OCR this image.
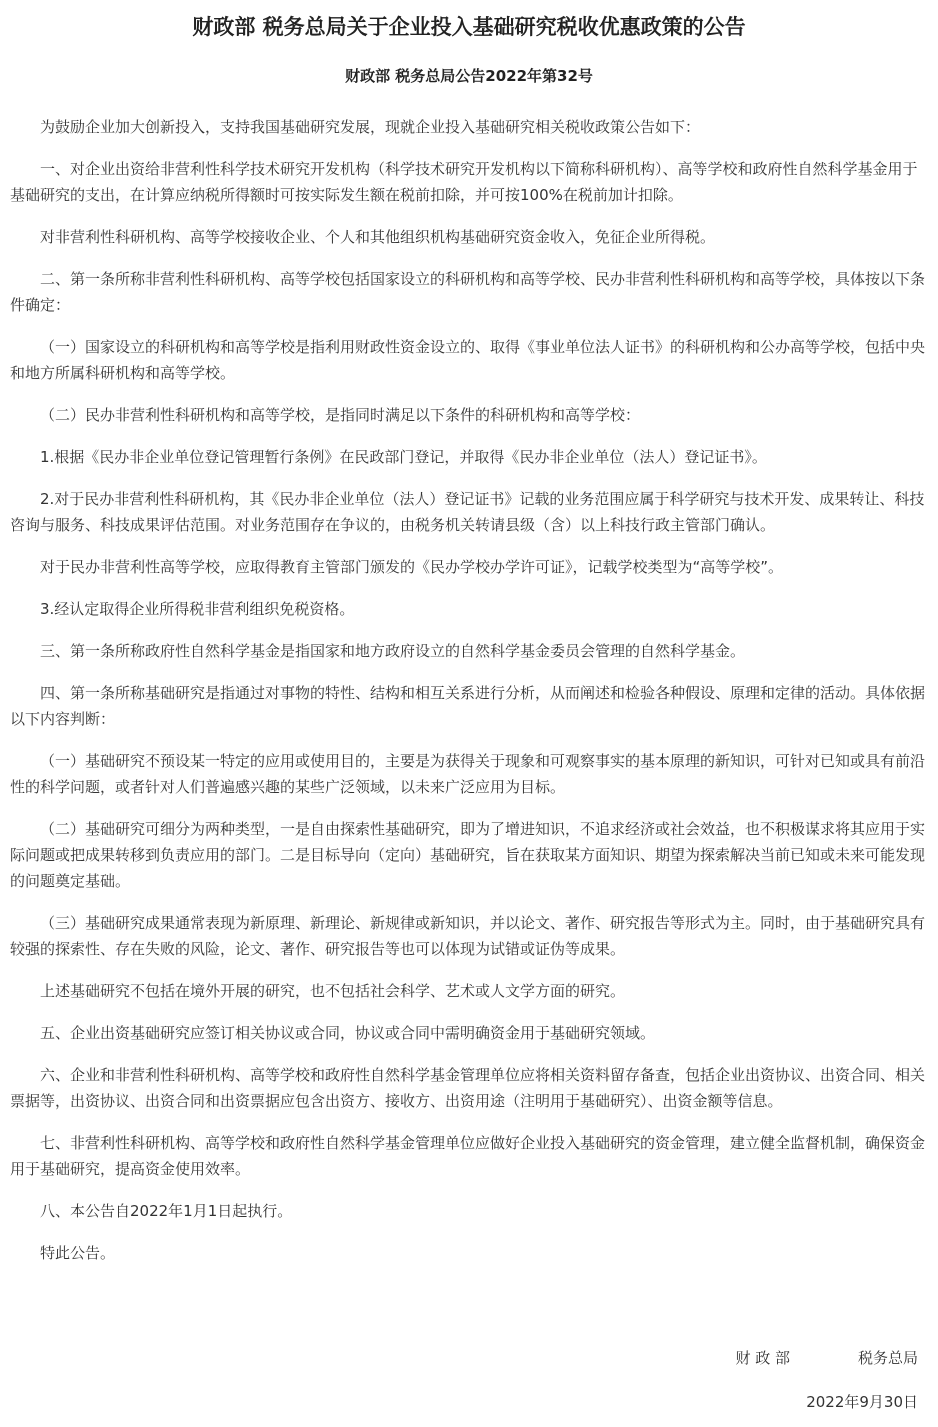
财政部 税务总局关于企业投入基础研究税收优惠政策的公告
财政部 税务总局公告2022年第32号

为鼓励企业加大创新投入，支持我国基础研究发展，现就企业投入基础研究相关税收政策公告如下：

一、对企业出资给非营利性科学技术研究开发机构（科学技术研究开发机构以下简称科研机构）、高等学校和政府性自然科学基金用于基础研究的支出，在计算应纳税所得额时可按实际发生额在税前扣除，并可按100%在税前加计扣除。

对非营利性科研机构、高等学校接收企业、个人和其他组织机构基础研究资金收入，免征企业所得税。

二、第一条所称非营利性科研机构、高等学校包括国家设立的科研机构和高等学校、民办非营利性科研机构和高等学校，具体按以下条件确定：

（一）国家设立的科研机构和高等学校是指利用财政性资金设立的、取得《事业单位法人证书》的科研机构和公办高等学校，包括中央和地方所属科研机构和高等学校。

（二）民办非营利性科研机构和高等学校，是指同时满足以下条件的科研机构和高等学校：

1.根据《民办非企业单位登记管理暂行条例》在民政部门登记，并取得《民办非企业单位（法人）登记证书》。

2.对于民办非营利性科研机构，其《民办非企业单位（法人）登记证书》记载的业务范围应属于科学研究与技术开发、成果转让、科技咨询与服务、科技成果评估范围。对业务范围存在争议的，由税务机关转请县级（含）以上科技行政主管部门确认。

对于民办非营利性高等学校，应取得教育主管部门颁发的《民办学校办学许可证》，记载学校类型为“高等学校”。

3.经认定取得企业所得税非营利组织免税资格。

三、第一条所称政府性自然科学基金是指国家和地方政府设立的自然科学基金委员会管理的自然科学基金。

四、第一条所称基础研究是指通过对事物的特性、结构和相互关系进行分析，从而阐述和检验各种假设、原理和定律的活动。具体依据以下内容判断：

（一）基础研究不预设某一特定的应用或使用目的，主要是为获得关于现象和可观察事实的基本原理的新知识，可针对已知或具有前沿性的科学问题，或者针对人们普遍感兴趣的某些广泛领域，以未来广泛应用为目标。

（二）基础研究可细分为两种类型，一是自由探索性基础研究，即为了增进知识，不追求经济或社会效益，也不积极谋求将其应用于实际问题或把成果转移到负责应用的部门。二是目标导向（定向）基础研究，旨在获取某方面知识、期望为探索解决当前已知或未来可能发现的问题奠定基础。

（三）基础研究成果通常表现为新原理、新理论、新规律或新知识，并以论文、著作、研究报告等形式为主。同时，由于基础研究具有较强的探索性、存在失败的风险，论文、著作、研究报告等也可以体现为试错或证伪等成果。

上述基础研究不包括在境外开展的研究，也不包括社会科学、艺术或人文学方面的研究。

五、企业出资基础研究应签订相关协议或合同，协议或合同中需明确资金用于基础研究领域。

六、企业和非营利性科研机构、高等学校和政府性自然科学基金管理单位应将相关资料留存备查，包括企业出资协议、出资合同、相关票据等，出资协议、出资合同和出资票据应包含出资方、接收方、出资用途（注明用于基础研究）、出资金额等信息。

七、非营利性科研机构、高等学校和政府性自然科学基金管理单位应做好企业投入基础研究的资金管理，建立健全监督机制，确保资金用于基础研究，提高资金使用效率。

八、本公告自2022年1月1日起执行。

特此公告。

财 政 部	税务总局
2022年9月30日
